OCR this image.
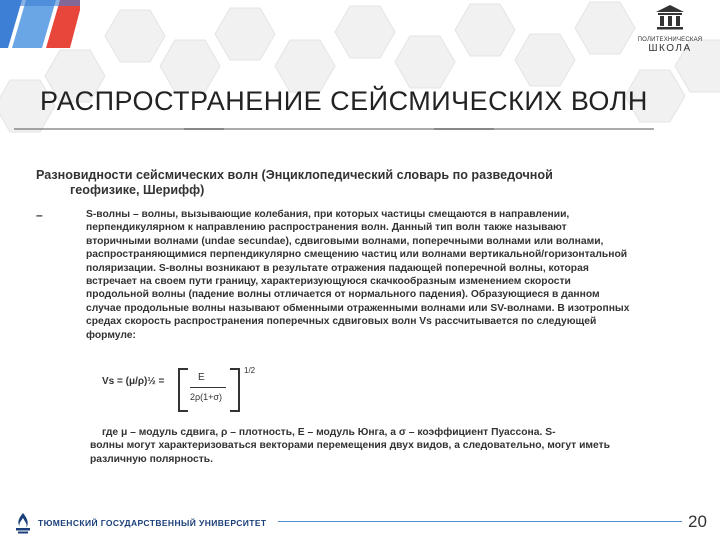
ПОЛИТЕХНИЧЕСКАЯ
ШКОЛА
РАСПРОСТРАНЕНИЕ СЕЙСМИЧЕСКИХ ВОЛН
Разновидности сейсмических волн (Энциклопедический словарь по разведочной
геофизике, Шерифф)
–	S-волны – волны, вызывающие колебания, при которых частицы смещаются в направлении, перпендикулярном к направлению распространения волн. Данный тип волн также называют вторичными волнами (undae secundae), сдвиговыми волнами, поперечными волнами или волнами, распространяющимися перпендикулярно смещению частиц или волнами вертикальной/горизонтальной поляризации. S-волны возникают в результате отражения падающей поперечной волны, которая встречает на своем пути границу, характеризующуюся скачкообразным изменением скорости продольной волны (падение волны отличается от нормального падения). Образующиеся в данном случае продольные волны называют обменными отраженными волнами или SV-волнами. В изотропных средах скорость распространения поперечных сдвиговых волн Vs рассчитывается по следующей формуле:
Vs = (μ/ρ)½ =	E
2ρ(1+σ)
1/2
где μ – модуль сдвига, ρ – плотность, E – модуль Юнга, а σ – коэффициент Пуассона. S-
волны могут характеризоваться векторами перемещения двух видов, а следовательно, могут иметь различную полярность.
ТЮМЕНСКИЙ ГОСУДАРСТВЕННЫЙ УНИВЕРСИТЕТ	20
